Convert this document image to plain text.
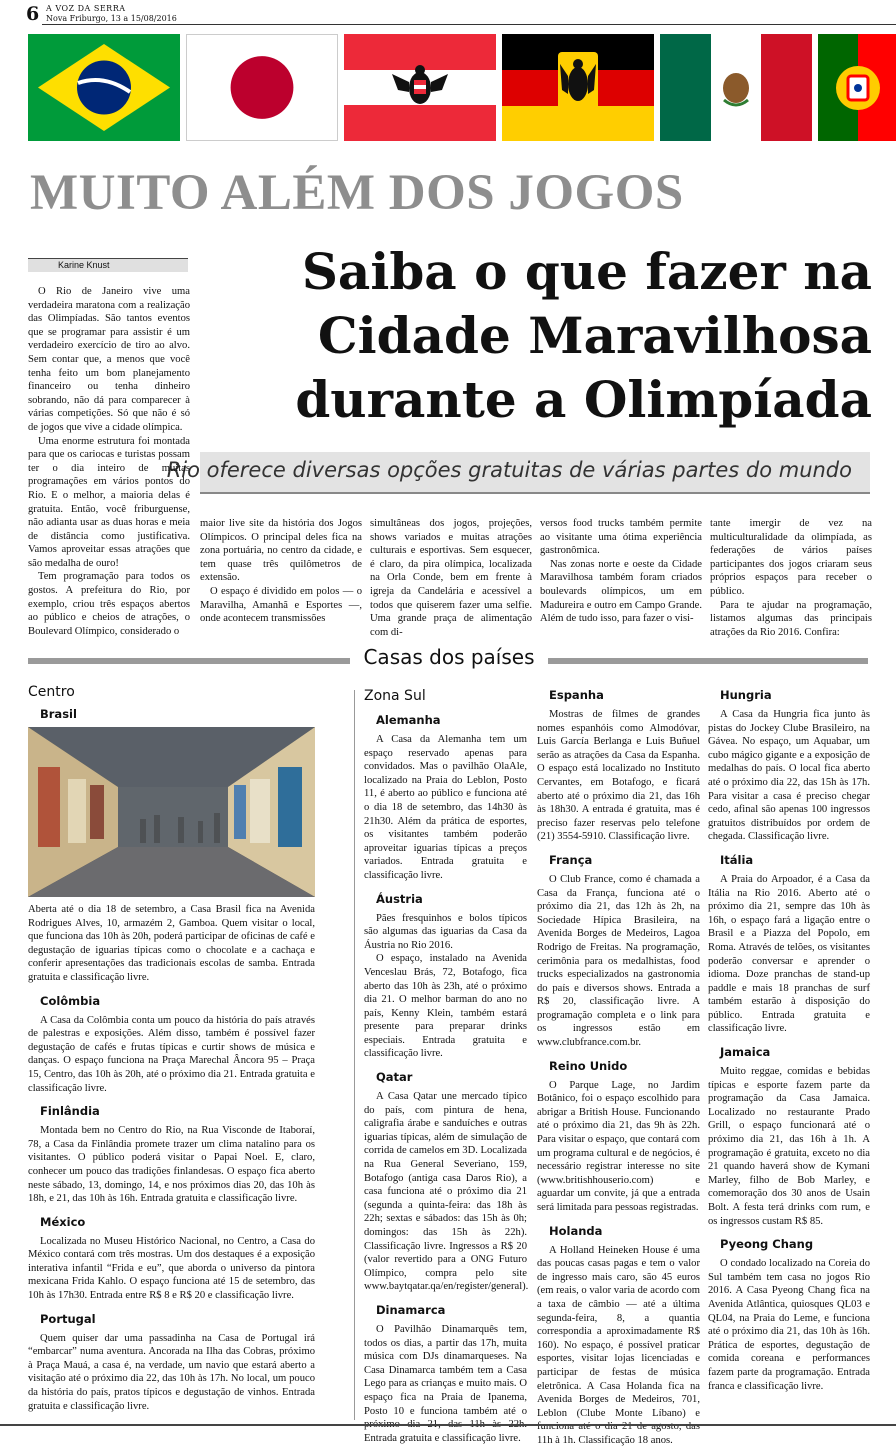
6 A VOZ DA SERRA
Nova Friburgo, 13 a 15/08/2016
MUITO ALÉM DOS JOGOS
Karine Knust	Saiba o que fazer na Cidade Maravilhosa durante a Olimpíada
Rio oferece diversas opções gratuitas de várias partes do mundo

O Rio de Janeiro vive uma verdadeira maratona com a realização das Olimpíadas. São tantos eventos que se programar para assistir é um verdadeiro exercício de tiro ao alvo. Sem contar que, a menos que você tenha feito um bom planejamento financeiro ou tenha dinheiro sobrando, não dá para comparecer à várias competições. Só que não é só de jogos que vive a cidade olímpica.

Uma enorme estrutura foi montada para que os cariocas e turistas possam ter o dia inteiro de muitas programações em vários pontos do Rio. E o melhor, a maioria delas é gratuita. Então, você friburguense, não adianta usar as duas horas e meia de distância como justificativa. Vamos aproveitar essas atrações que são medalha de ouro!

Tem programação para todos os gostos. A prefeitura do Rio, por exemplo, criou três espaços abertos ao público e cheios de atrações, o Boulevard Olímpico, considerado o

maior live site da história dos Jogos Olímpicos. O principal deles fica na zona portuária, no centro da cidade, e tem quase três quilômetros de extensão.

O espaço é dividido em polos — o Maravilha, Amanhã e Esportes —, onde acontecem transmissões

simultâneas dos jogos, projeções, shows variados e muitas atrações culturais e esportivas. Sem esquecer, é claro, da pira olímpica, localizada na Orla Conde, bem em frente à igreja da Candelária e acessível a todos que quiserem fazer uma selfie. Uma grande praça de alimentação com di-

versos food trucks também permite ao visitante uma ótima experiência gastronômica.

Nas zonas norte e oeste da Cidade Maravilhosa também foram criados boulevards olímpicos, um em Madureira e outro em Campo Grande. Além de tudo isso, para fazer o visi-

tante imergir de vez na multiculturalidade da olimpíada, as federações de vários países participantes dos jogos criaram seus próprios espaços para receber o público.

Para te ajudar na programação, listamos algumas das principais atrações da Rio 2016. Confira:

Casas dos países
Centro
Brasil

Aberta até o dia 18 de setembro, a Casa Brasil fica na Avenida Rodrigues Alves, 10, armazém 2, Gamboa. Quem visitar o local, que funciona das 10h às 20h, poderá participar de oficinas de café e degustação de iguarias típicas como o chocolate e a cachaça e conferir apresentações das tradicionais escolas de samba. Entrada gratuita e classificação livre.

Colômbia

A Casa da Colômbia conta um pouco da história do país através de palestras e exposições. Além disso, também é possível fazer degustação de cafés e frutas típicas e curtir shows de música e danças. O espaço funciona na Praça Marechal Âncora 95 – Praça 15, Centro, das 10h às 20h, até o próximo dia 21. Entrada gratuita e classificação livre.

Finlândia

Montada bem no Centro do Rio, na Rua Visconde de Itaboraí, 78, a Casa da Finlândia promete trazer um clima natalino para os visitantes. O público poderá visitar o Papai Noel. E, claro, conhecer um pouco das tradições finlandesas. O espaço fica aberto neste sábado, 13, domingo, 14, e nos próximos dias 20, das 10h às 18h, e 21, das 10h às 16h. Entrada gratuita e classificação livre.

México

Localizada no Museu Histórico Nacional, no Centro, a Casa do México contará com três mostras. Um dos destaques é a exposição interativa infantil “Frida e eu”, que aborda o universo da pintora mexicana Frida Kahlo. O espaço funciona até 15 de setembro, das 10h às 17h30. Entrada entre R$ 8 e R$ 20 e classificação livre.

Portugal

Quem quiser dar uma passadinha na Casa de Portugal irá “embarcar” numa aventura. Ancorada na Ilha das Cobras, próximo à Praça Mauá, a casa é, na verdade, um navio que estará aberto a visitação até o próximo dia 22, das 10h às 17h. No local, um pouco da história do país, pratos típicos e degustação de vinhos. Entrada gratuita e classificação livre.

Zona Sul
Alemanha

A Casa da Alemanha tem um espaço reservado apenas para convidados. Mas o pavilhão OlaAle, localizado na Praia do Leblon, Posto 11, é aberto ao público e funciona até o dia 18 de setembro, das 14h30 às 21h30. Além da prática de esportes, os visitantes também poderão aproveitar iguarias típicas a preços variados. Entrada gratuita e classificação livre.

Áustria

Pães fresquinhos e bolos típicos são algumas das iguarias da Casa da Áustria no Rio 2016.

O espaço, instalado na Avenida Venceslau Brás, 72, Botafogo, fica aberto das 10h às 23h, até o próximo dia 21. O melhor barman do ano no país, Kenny Klein, também estará presente para preparar drinks especiais. Entrada gratuita e classificação livre.

Qatar

A Casa Qatar une mercado típico do país, com pintura de hena, caligrafia árabe e sanduíches e outras iguarias típicas, além de simulação de corrida de camelos em 3D. Localizada na Rua General Severiano, 159, Botafogo (antiga casa Daros Rio), a casa funciona até o próximo dia 21 (segunda a quinta-feira: das 18h às 22h; sextas e sábados: das 15h às 0h; domingos: das 15h às 22h). Classificação livre. Ingressos a R$ 20 (valor revertido para a ONG Futuro Olímpico, compra pelo site www.baytqatar.qa/en/register/general).

Dinamarca

O Pavilhão Dinamarquês tem, todos os dias, a partir das 17h, muita música com DJs dinamarqueses. Na Casa Dinamarca também tem a Casa Lego para as crianças e muito mais. O espaço fica na Praia de Ipanema, Posto 10 e funciona também até o próximo dia 21, das 11h às 22h. Entrada gratuita e classificação livre.

Espanha

Mostras de filmes de grandes nomes espanhóis como Almodóvar, Luis García Berlanga e Luis Buñuel serão as atrações da Casa da Espanha. O espaço está localizado no Instituto Cervantes, em Botafogo, e ficará aberto até o próximo dia 21, das 16h às 18h30. A entrada é gratuita, mas é preciso fazer reservas pelo telefone (21) 3554-5910. Classificação livre.

França

O Club France, como é chamada a Casa da França, funciona até o próximo dia 21, das 12h às 2h, na Sociedade Hípica Brasileira, na Avenida Borges de Medeiros, Lagoa Rodrigo de Freitas. Na programação, cerimônia para os medalhistas, food trucks especializados na gastronomia do país e diversos shows. Entrada a R$ 20, classificação livre. A programação completa e o link para os ingressos estão em www.clubfrance.com.br.

Reino Unido

O Parque Lage, no Jardim Botânico, foi o espaço escolhido para abrigar a British House. Funcionando até o próximo dia 21, das 9h às 22h. Para visitar o espaço, que contará com um programa cultural e de negócios, é necessário registrar interesse no site (www.britishhouserio.com) e aguardar um convite, já que a entrada será limitada para pessoas registradas.

Holanda

A Holland Heineken House é uma das poucas casas pagas e tem o valor de ingresso mais caro, são 45 euros (em reais, o valor varia de acordo com a taxa de câmbio — até a última segunda-feira, 8, a quantia correspondia a aproximadamente R$ 160). No espaço, é possível praticar esportes, visitar lojas licenciadas e participar de festas de música eletrônica. A Casa Holanda fica na Avenida Borges de Medeiros, 701, Leblon (Clube Monte Líbano) e funciona até o dia 21 de agosto, das 11h à 1h. Classificação 18 anos.

Hungria

A Casa da Hungria fica junto às pistas do Jockey Clube Brasileiro, na Gávea. No espaço, um Aquabar, um cubo mágico gigante e a exposição de medalhas do país. O local fica aberto até o próximo dia 22, das 15h às 17h. Para visitar a casa é preciso chegar cedo, afinal são apenas 100 ingressos gratuitos distribuídos por ordem de chegada. Classificação livre.

Itália

A Praia do Arpoador, é a Casa da Itália na Rio 2016. Aberto até o próximo dia 21, sempre das 10h às 16h, o espaço fará a ligação entre o Brasil e a Piazza del Popolo, em Roma. Através de telões, os visitantes poderão conversar e aprender o idioma. Doze pranchas de stand-up paddle e mais 18 pranchas de surf também estarão à disposição do público. Entrada gratuita e classificação livre.

Jamaica

Muito reggae, comidas e bebidas típicas e esporte fazem parte da programação da Casa Jamaica. Localizado no restaurante Prado Grill, o espaço funcionará até o próximo dia 21, das 16h à 1h. A programação é gratuita, exceto no dia 21 quando haverá show de Kymani Marley, filho de Bob Marley, e comemoração dos 30 anos de Usain Bolt. A festa terá drinks com rum, e os ingressos custam R$ 85.

Pyeong Chang

O condado localizado na Coreia do Sul também tem casa no jogos Rio 2016. A Casa Pyeong Chang fica na Avenida Atlântica, quiosques QL03 e QL04, na Praia do Leme, e funciona até o próximo dia 21, das 10h às 16h. Prática de esportes, degustação de comida coreana e performances fazem parte da programação. Entrada franca e classificação livre.
